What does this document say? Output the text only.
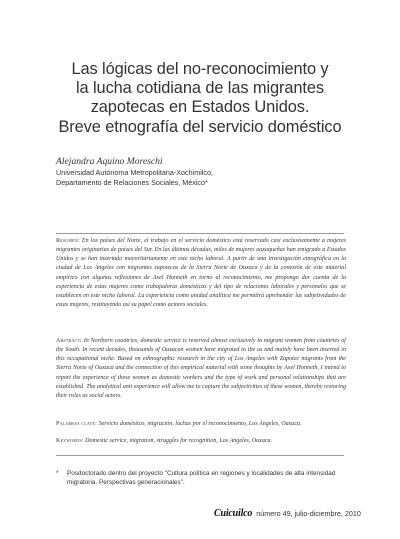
Las lógicas del no-reconocimiento y
la lucha cotidiana de las migrantes
zapotecas en Estados Unidos.
Breve etnografía del servicio doméstico
Alejandra Aquino Moreschi
Universidad Autónoma Metropolitana-Xochimilco,
Departamento de Relaciones Sociales, México*
Resumen: En los países del Norte, el trabajo en el servicio doméstico está reservado casi exclusivamente a mujeres migrantes originarias de países del Sur. En las últimas décadas, miles de mujeres oaxaqueñas han emigrado a Estados Unidos y se han insertado mayoritariamente en este nicho laboral. A partir de una investigación etnográfica en la ciudad de Los Ángeles con migrantes zapotecas de la Sierra Norte de Oaxaca y de la conexión de este material empírico con algunas reflexiones de Axel Honneth en torno al reconocimiento, me propongo dar cuenta de la experiencia de estas mujeres como trabajadoras domésticas y del tipo de relaciones laborales y personales que se establecen en este nicho laboral. La experiencia como unidad analítica me permitirá aprehender las subjetividades de estas mujeres, restituyendo así su papel como actores sociales.
Abstract: In Northern countries, domestic service is reserved almost exclusively to migrant women from countries of the South. In recent decades, thousands of Oaxacan women have migrated to the us and mainly have been inserted in this occupational niche. Based on ethnographic research in the city of Los Angeles with Zapotec migrants from the Sierra Norte of Oaxaca and the connection of this empirical material with some thoughts by Axel Honneth, I intend to report the experience of these women as domestic workers and the type of work and personal relationships that are established. The analytical unit experience will allow me to capture the subjectivities of these women, thereby restoring their roles as social actors.
Palabras clave: Servicio doméstico, migración, luchas por el reconocimiento, Los Ángeles, Oaxaca.
Keywords: Domestic service, migration, struggles for recognition, Los Angeles, Oaxaca.
* Posdoctorado dentro del proyecto "Cultura política en regiones y localidades de alta intensidad migratoria. Perspectivas generacionales".
Cuicuilco número 49, julio-diciembre, 2010
